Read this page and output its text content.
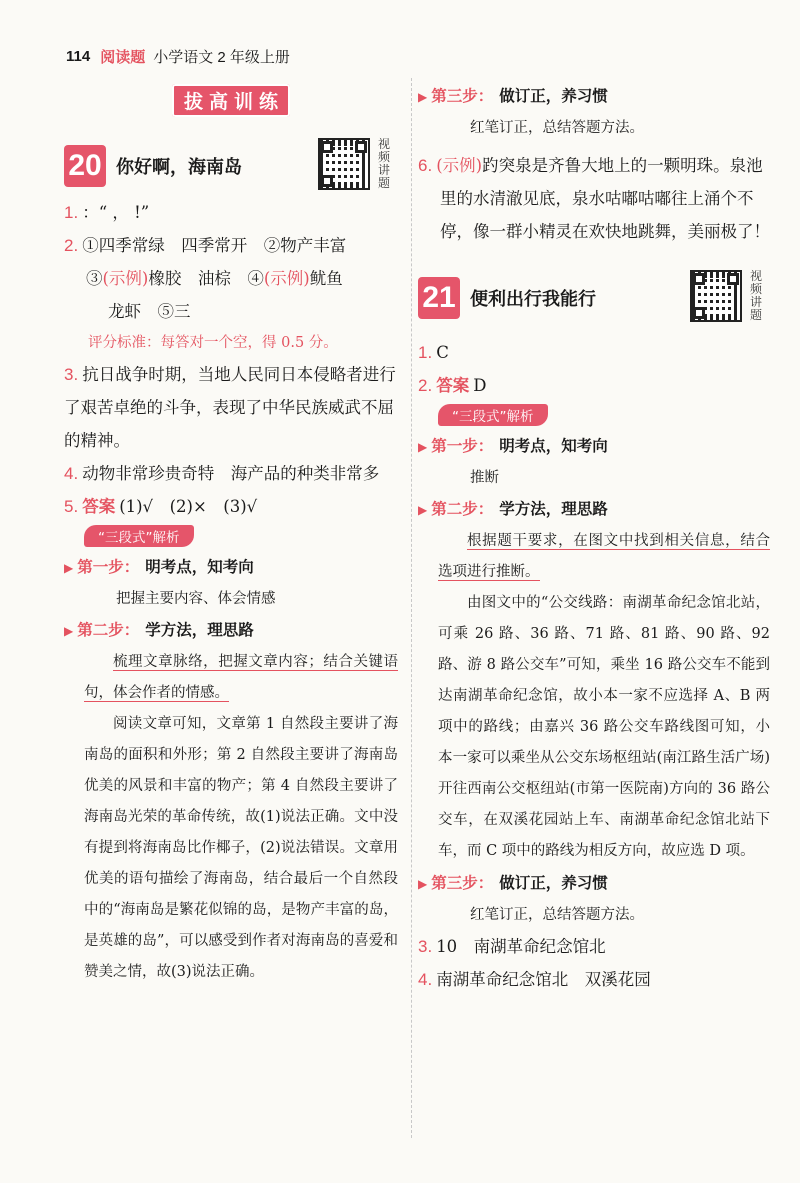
114 阅读题 小学语文 2 年级上册
拔高训练
20 你好啊，海南岛
视频讲题
1. ：“ ， !”
2. ①四季常绿　四季常开　②物产丰富
③(示例)橡胶　油棕　④(示例)鱿鱼
龙虾　⑤三
评分标准：每答对一个空，得 0.5 分。
3. 抗日战争时期，当地人民同日本侵略者进行了艰苦卓绝的斗争，表现了中华民族威武不屈的精神。
4. 动物非常珍贵奇特　海产品的种类非常多
5. 答案 (1)√　(2)×　(3)√
“三段式”解析
▶ 第一步： 明考点，知考向
把握主要内容、体会情感
▶ 第二步： 学方法，理思路
梳理文章脉络，把握文章内容；结合关键语句，体会作者的情感。
阅读文章可知，文章第 1 自然段主要讲了海南岛的面积和外形；第 2 自然段主要讲了海南岛优美的风景和丰富的物产；第 4 自然段主要讲了海南岛光荣的革命传统，故(1)说法正确。文中没有提到将海南岛比作椰子，(2)说法错误。文章用优美的语句描绘了海南岛，结合最后一个自然段中的“海南岛是繁花似锦的岛，是物产丰富的岛，是英雄的岛”，可以感受到作者对海南岛的喜爱和赞美之情，故(3)说法正确。
▶ 第三步： 做订正，养习惯
红笔订正，总结答题方法。
6. (示例)趵突泉是齐鲁大地上的一颗明珠。泉池里的水清澈见底，泉水咕嘟咕嘟往上涌个不停，像一群小精灵在欢快地跳舞，美丽极了！
21 便利出行我能行
视频讲题
1. C
2. 答案 D
“三段式”解析
▶ 第一步： 明考点，知考向
推断
▶ 第二步： 学方法，理思路
根据题干要求，在图文中找到相关信息，结合选项进行推断。
由图文中的“公交线路：南湖革命纪念馆北站，可乘 26 路、36 路、71 路、81 路、90 路、92 路、游 8 路公交车”可知，乘坐 16 路公交车不能到达南湖革命纪念馆，故小本一家不应选择 A、B 两项中的路线；由嘉兴 36 路公交车路线图可知，小本一家可以乘坐从公交东场枢纽站(南江路生活广场)开往西南公交枢纽站(市第一医院南)方向的 36 路公交车，在双溪花园站上车、南湖革命纪念馆北站下车，而 C 项中的路线为相反方向，故应选 D 项。
▶ 第三步： 做订正，养习惯
红笔订正，总结答题方法。
3. 10　南湖革命纪念馆北
4. 南湖革命纪念馆北　双溪花园
